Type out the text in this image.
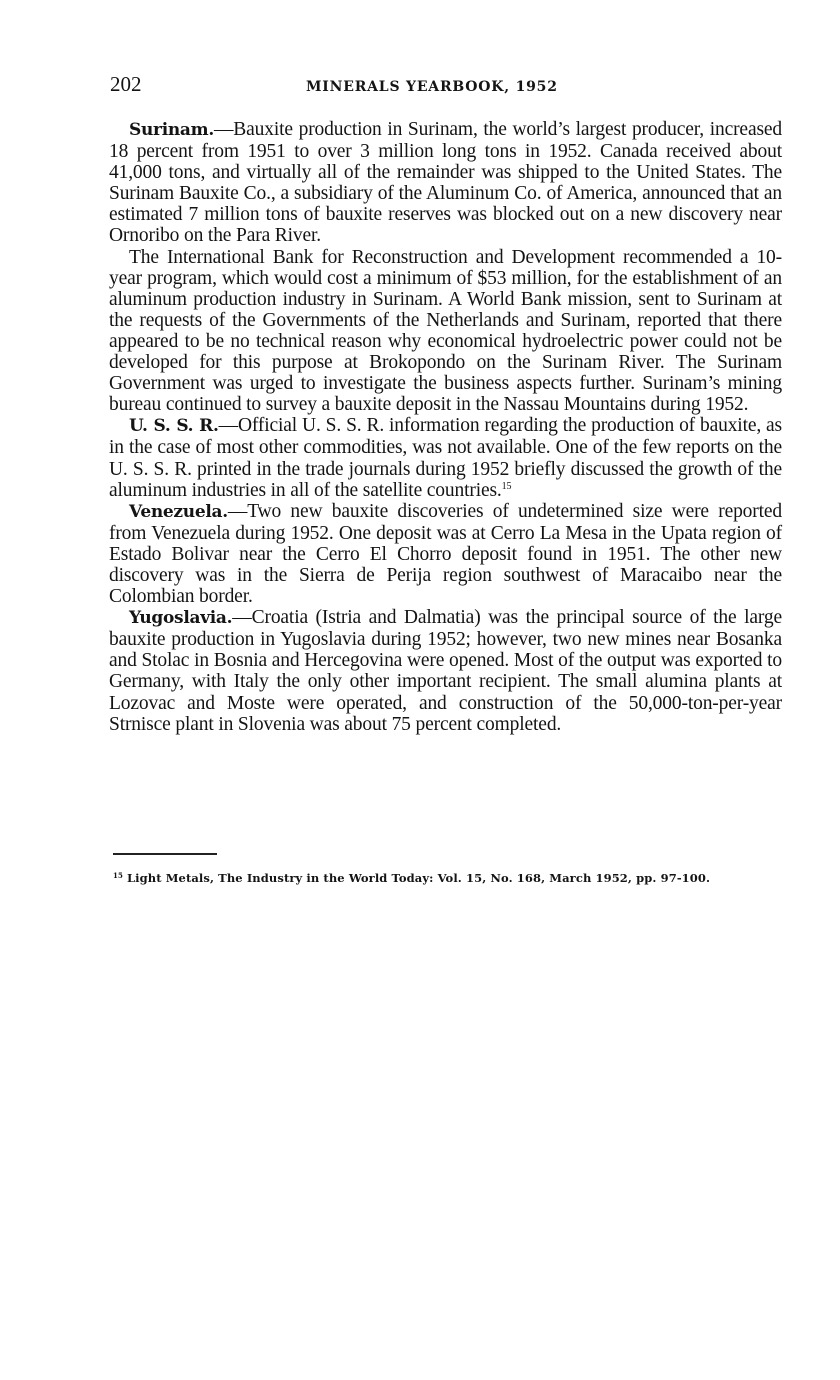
202	MINERALS YEARBOOK, 1952

Surinam.—Bauxite production in Surinam, the world’s largest producer, increased 18 percent from 1951 to over 3 million long tons in 1952. Canada received about 41,000 tons, and virtually all of the remainder was shipped to the United States. The Surinam Bauxite Co., a subsidiary of the Aluminum Co. of America, announced that an estimated 7 million tons of bauxite reserves was blocked out on a new discovery near Ornoribo on the Para River.

The International Bank for Reconstruction and Development recommended a 10-year program, which would cost a minimum of $53 million, for the establishment of an aluminum production industry in Surinam. A World Bank mission, sent to Surinam at the requests of the Governments of the Netherlands and Surinam, reported that there appeared to be no technical reason why economical hydroelectric power could not be developed for this purpose at Brokopondo on the Surinam River. The Surinam Government was urged to investigate the business aspects further. Surinam’s mining bureau continued to survey a bauxite deposit in the Nassau Mountains during 1952.

U. S. S. R.—Official U. S. S. R. information regarding the production of bauxite, as in the case of most other commodities, was not available. One of the few reports on the U. S. S. R. printed in the trade journals during 1952 briefly discussed the growth of the aluminum industries in all of the satellite countries.$^{15}$

Venezuela.—Two new bauxite discoveries of undetermined size were reported from Venezuela during 1952. One deposit was at Cerro La Mesa in the Upata region of Estado Bolivar near the Cerro El Chorro deposit found in 1951. The other new discovery was in the Sierra de Perija region southwest of Maracaibo near the Colombian border.

Yugoslavia.—Croatia (Istria and Dalmatia) was the principal source of the large bauxite production in Yugoslavia during 1952; however, two new mines near Bosanka and Stolac in Bosnia and Hercegovina were opened. Most of the output was exported to Germany, with Italy the only other important recipient. The small alumina plants at Lozovac and Moste were operated, and construction of the 50,000-ton-per-year Strnisce plant in Slovenia was about 75 percent completed.

$^{15}$ Light Metals, The Industry in the World Today: Vol. 15, No. 168, March 1952, pp. 97-100.
